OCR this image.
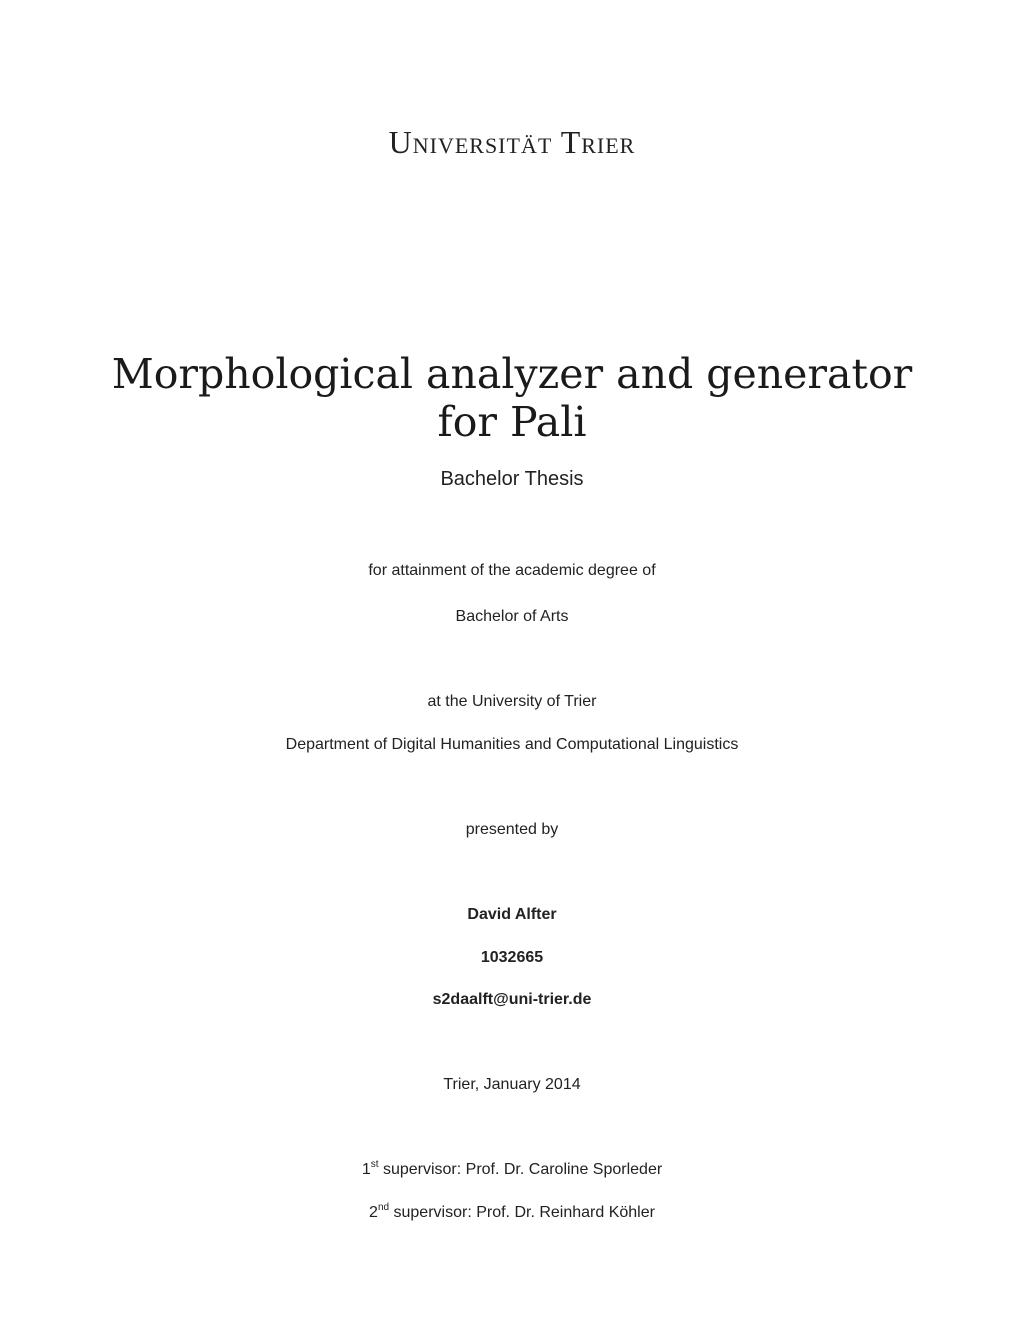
Universität Trier
Morphological analyzer and generator
for Pali
Bachelor Thesis
for attainment of the academic degree of
Bachelor of Arts
at the University of Trier
Department of Digital Humanities and Computational Linguistics
presented by
David Alfter
1032665
s2daalft@uni-trier.de
Trier, January 2014
1st supervisor: Prof. Dr. Caroline Sporleder
2nd supervisor: Prof. Dr. Reinhard Köhler
